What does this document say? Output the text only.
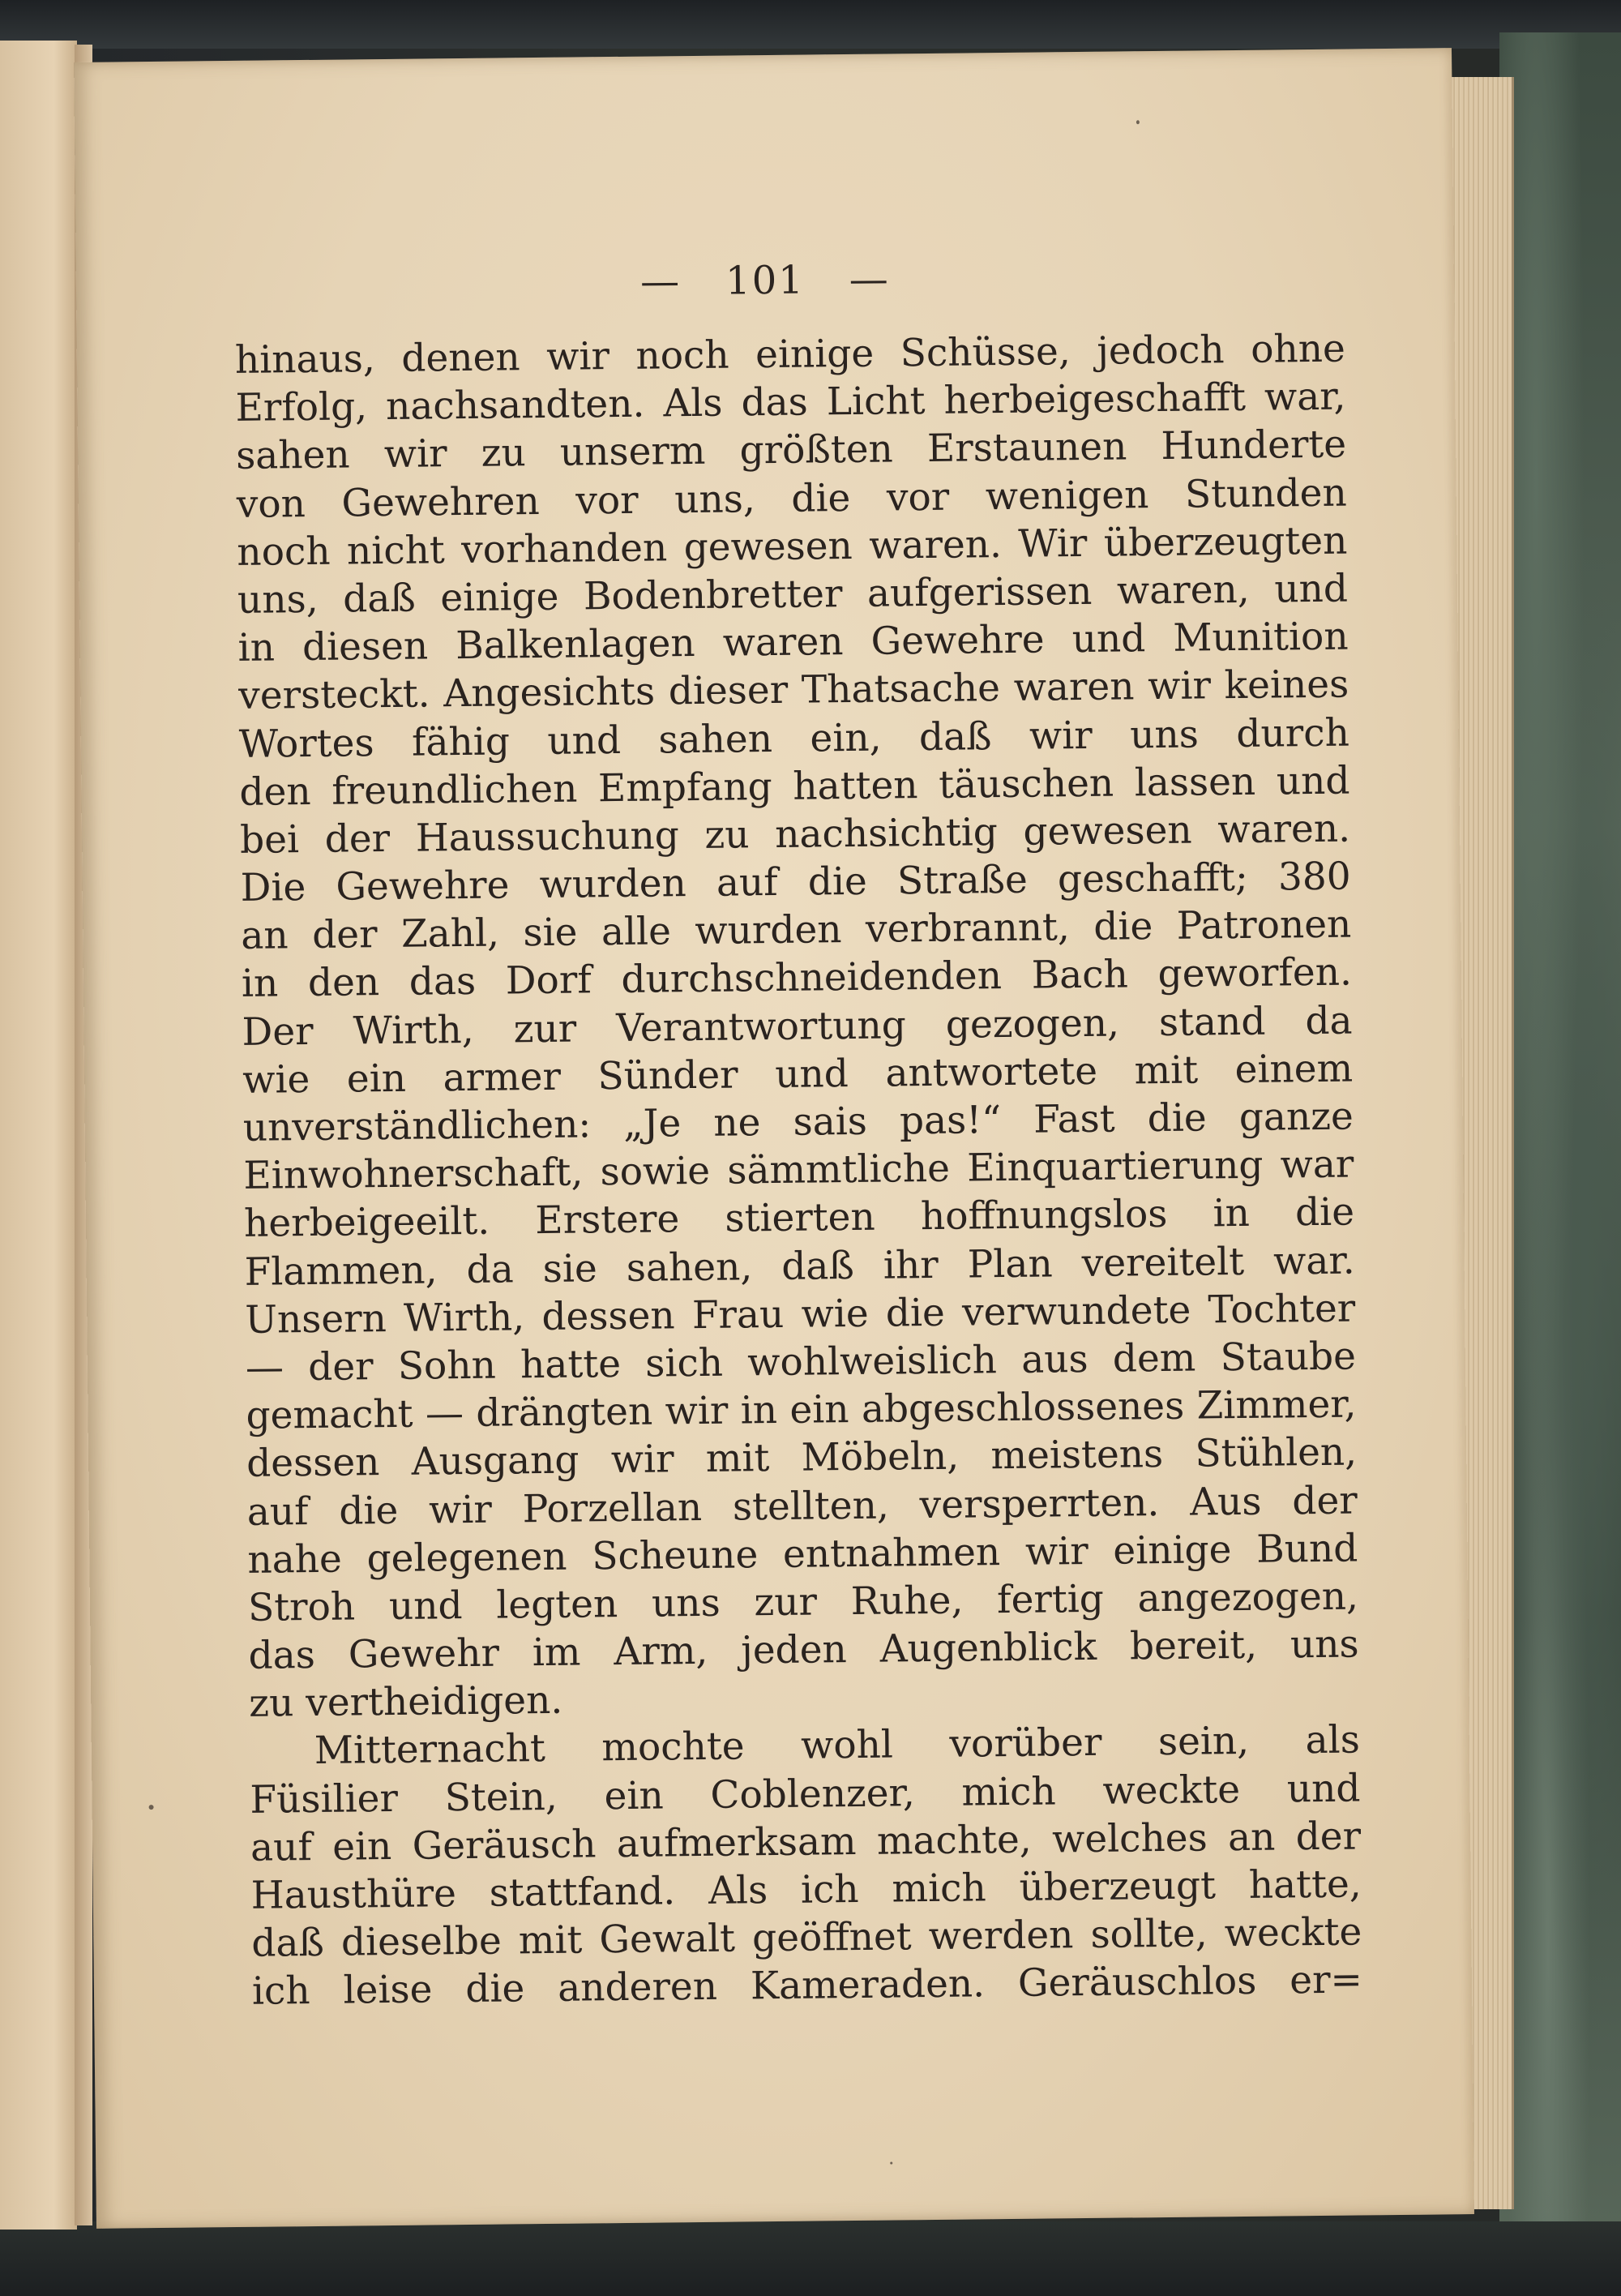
— 101 —
hinaus, denen wir noch einige Schüsse, jedoch ohne
Erfolg, nachsandten. Als das Licht herbeigeschafft war,
sahen wir zu unserm größten Erstaunen Hunderte
von Gewehren vor uns, die vor wenigen Stunden
noch nicht vorhanden gewesen waren. Wir überzeugten
uns, daß einige Bodenbretter aufgerissen waren, und
in diesen Balkenlagen waren Gewehre und Munition
versteckt. Angesichts dieser Thatsache waren wir keines
Wortes fähig und sahen ein, daß wir uns durch
den freundlichen Empfang hatten täuschen lassen und
bei der Haussuchung zu nachsichtig gewesen waren.
Die Gewehre wurden auf die Straße geschafft; 380
an der Zahl, sie alle wurden verbrannt, die Patronen
in den das Dorf durchschneidenden Bach geworfen.
Der Wirth, zur Verantwortung gezogen, stand da
wie ein armer Sünder und antwortete mit einem
unverständlichen: „Je ne sais pas!“ Fast die ganze
Einwohnerschaft, sowie sämmtliche Einquartierung war
herbeigeeilt. Erstere stierten hoffnungslos in die
Flammen, da sie sahen, daß ihr Plan vereitelt war.
Unsern Wirth, dessen Frau wie die verwundete Tochter
— der Sohn hatte sich wohlweislich aus dem Staube
gemacht — drängten wir in ein abgeschlossenes Zimmer,
dessen Ausgang wir mit Möbeln, meistens Stühlen,
auf die wir Porzellan stellten, versperrten. Aus der
nahe gelegenen Scheune entnahmen wir einige Bund
Stroh und legten uns zur Ruhe, fertig angezogen,
das Gewehr im Arm, jeden Augenblick bereit, uns
zu vertheidigen.
Mitternacht mochte wohl vorüber sein, als
Füsilier Stein, ein Coblenzer, mich weckte und
auf ein Geräusch aufmerksam machte, welches an der
Hausthüre stattfand. Als ich mich überzeugt hatte,
daß dieselbe mit Gewalt geöffnet werden sollte, weckte
ich leise die anderen Kameraden. Geräuschlos er=
